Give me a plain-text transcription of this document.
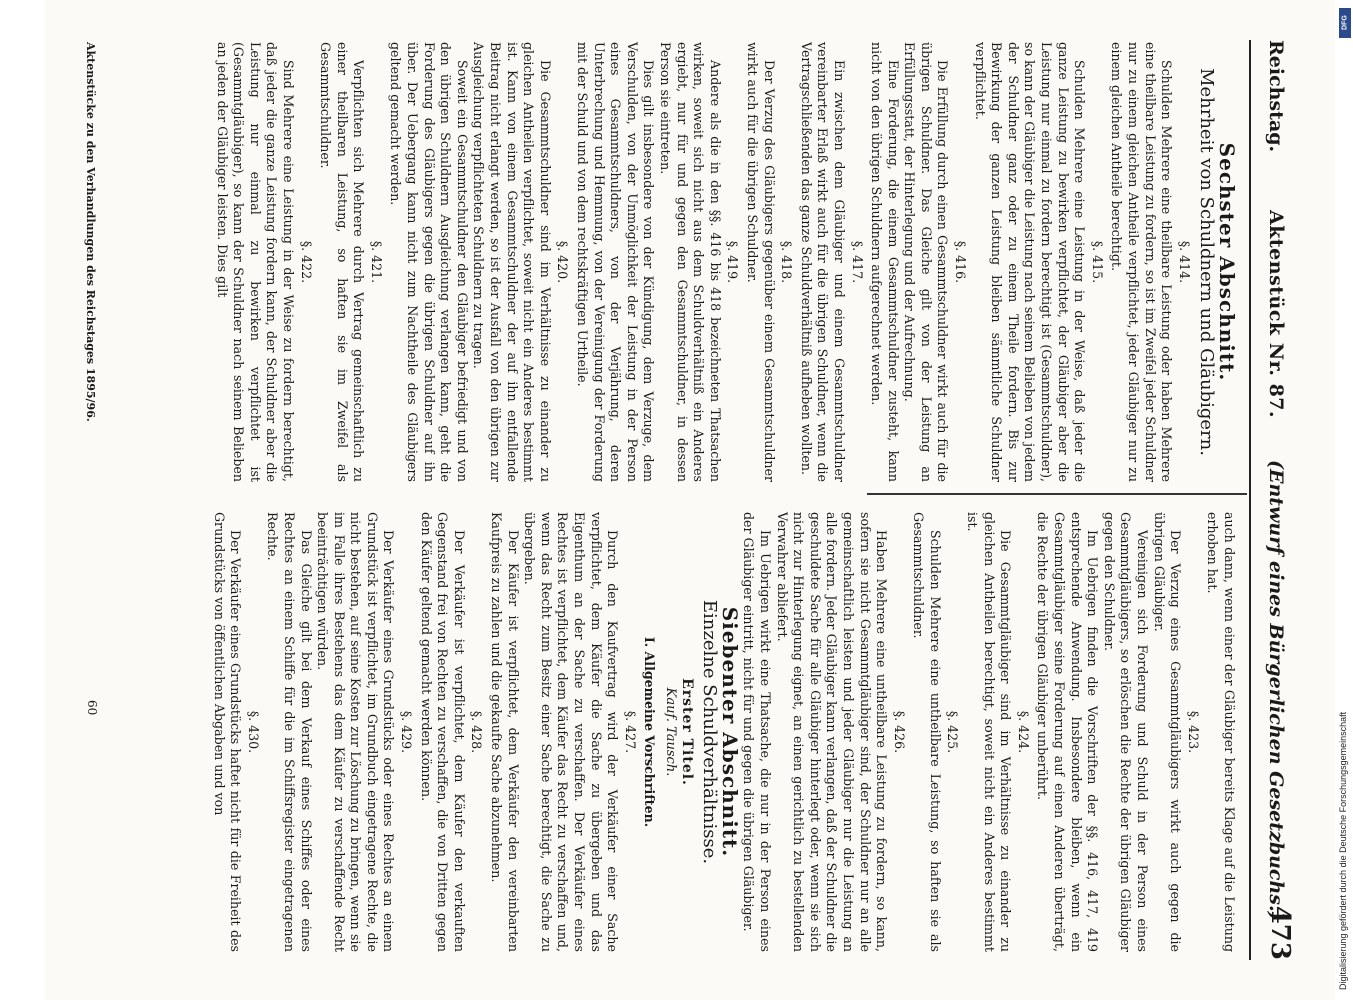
Reichstag.
Aktenstück Nr. 87.
(Entwurf eines Bürgerlichen Gesetzbuchs.)
473
Sechster Abschnitt.
Mehrheit von Schuldnern und Gläubigern.
§. 414.

Schulden Mehrere eine theilbare Leistung oder haben Mehrere eine theilbare Leistung zu fordern, so ist im Zweifel jeder Schuldner nur zu einem gleichen Antheile verpflichtet, jeder Gläubiger nur zu einem gleichen Antheile berechtigt.

§. 415.

Schulden Mehrere eine Leistung in der Weise, daß jeder die ganze Leistung zu bewirken verpflichtet, der Gläubiger aber die Leistung nur einmal zu fordern berechtigt ist (Gesammtschuldner), so kann der Gläubiger die Leistung nach seinem Belieben von jedem der Schuldner ganz oder zu einem Theile fordern. Bis zur Bewirkung der ganzen Leistung bleiben sämmtliche Schuldner verpflichtet.

§. 416.

Die Erfüllung durch einen Gesammtschuldner wirkt auch für die übrigen Schuldner. Das Gleiche gilt von der Leistung an Erfüllungsstatt, der Hinterlegung und der Aufrechnung.

Eine Forderung, die einem Gesammtschuldner zusteht, kann nicht von den übrigen Schuldnern aufgerechnet werden.

§. 417.

Ein zwischen dem Gläubiger und einem Gesammtschuldner vereinbarter Erlaß wirkt auch für die übrigen Schuldner, wenn die Vertragschließenden das ganze Schuldverhältniß aufheben wollten.

§. 418.

Der Verzug des Gläubigers gegenüber einem Gesammtschuldner wirkt auch für die übrigen Schuldner.

§. 419.

Andere als die in den §§. 416 bis 418 bezeichneten Thatsachen wirken, soweit sich nicht aus dem Schuldverhältniß ein Anderes ergiebt, nur für und gegen den Gesammtschuldner, in dessen Person sie eintreten.

Dies gilt insbesondere von der Kündigung, dem Verzuge, dem Verschulden, von der Unmöglichkeit der Leistung in der Person eines Gesammtschuldners, von der Verjährung, deren Unterbrechung und Hemmung, von der Vereinigung der Forderung mit der Schuld und von dem rechtskräftigen Urtheile.

§. 420.

Die Gesammtschuldner sind im Verhältnisse zu einander zu gleichen Antheilen verpflichtet, soweit nicht ein Anderes bestimmt ist. Kann von einem Gesammtschuldner der auf ihn entfallende Beitrag nicht erlangt werden, so ist der Ausfall von den übrigen zur Ausgleichung verpflichteten Schuldnern zu tragen.

Soweit ein Gesammtschuldner den Gläubiger befriedigt und von den übrigen Schuldnern Ausgleichung verlangen kann, geht die Forderung des Gläubigers gegen die übrigen Schuldner auf ihn über. Der Uebergang kann nicht zum Nachtheile des Gläubigers geltend gemacht werden.

§. 421.

Verpflichten sich Mehrere durch Vertrag gemeinschaftlich zu einer theilbaren Leistung, so haften sie im Zweifel als Gesammtschuldner.

§. 422.

Sind Mehrere eine Leistung in der Weise zu fordern berechtigt, daß jeder die ganze Leistung fordern kann, der Schuldner aber die Leistung nur einmal zu bewirken verpflichtet ist (Gesammtgläubiger), so kann der Schuldner nach seinem Belieben an jeden der Gläubiger leisten. Dies gilt

auch dann, wenn einer der Gläubiger bereits Klage auf die Leistung erhoben hat.

§. 423.

Der Verzug eines Gesammtgläubigers wirkt auch gegen die übrigen Gläubiger.

Vereinigen sich Forderung und Schuld in der Person eines Gesammtgläubigers, so erlöschen die Rechte der übrigen Gläubiger gegen den Schuldner.

Im Uebrigen finden die Vorschriften der §§. 416, 417, 419 entsprechende Anwendung. Insbesondere bleiben, wenn ein Gesammtgläubiger seine Forderung auf einen Anderen überträgt, die Rechte der übrigen Gläubiger unberührt.

§. 424.

Die Gesammtgläubiger sind im Verhältnisse zu einander zu gleichen Antheilen berechtigt, soweit nicht ein Anderes bestimmt ist.

§. 425.

Schulden Mehrere eine untheilbare Leistung, so haften sie als Gesammtschuldner.

§. 426.

Haben Mehrere eine untheilbare Leistung zu fordern, so kann, sofern sie nicht Gesammtgläubiger sind, der Schuldner nur an alle gemeinschaftlich leisten und jeder Gläubiger nur die Leistung an alle fordern. Jeder Gläubiger kann verlangen, daß der Schuldner die geschuldete Sache für alle Gläubiger hinterlegt oder, wenn sie sich nicht zur Hinterlegung eignet, an einen gerichtlich zu bestellenden Verwahrer abliefert.

Im Uebrigen wirkt eine Thatsache, die nur in der Person eines der Gläubiger eintritt, nicht für und gegen die übrigen Gläubiger.

Siebenter Abschnitt.
Einzelne Schuldverhältnisse.
Erster Titel.
Kauf. Tausch.
I. Allgemeine Vorschriften.
§. 427.

Durch den Kaufvertrag wird der Verkäufer einer Sache verpflichtet, dem Käufer die Sache zu übergeben und das Eigenthum an der Sache zu verschaffen. Der Verkäufer eines Rechtes ist verpflichtet, dem Käufer das Recht zu verschaffen und, wenn das Recht zum Besitz einer Sache berechtigt, die Sache zu übergeben.

Der Käufer ist verpflichtet, dem Verkäufer den vereinbarten Kaufpreis zu zahlen und die gekaufte Sache abzunehmen.

§. 428.

Der Verkäufer ist verpflichtet, dem Käufer den verkauften Gegenstand frei von Rechten zu verschaffen, die von Dritten gegen den Käufer geltend gemacht werden können.

§. 429.

Der Verkäufer eines Grundstücks oder eines Rechtes an einem Grundstück ist verpflichtet, im Grundbuch eingetragene Rechte, die nicht bestehen, auf seine Kosten zur Löschung zu bringen, wenn sie im Falle ihres Bestehens das dem Käufer zu verschaffende Recht beeinträchtigen würden.

Das Gleiche gilt bei dem Verkauf eines Schiffes oder eines Rechtes an einem Schiffe für die im Schiffsregister eingetragenen Rechte.

§. 430.

Der Verkäufer eines Grundstücks haftet nicht für die Freiheit des Grundstücks von öffentlichen Abgaben und von

Aktenstücke zu den Verhandlungen des Reichstages 1895/96.
60
DFG
Digitalisierung gefördert durch die Deutsche Forschungsgemeinschaft
